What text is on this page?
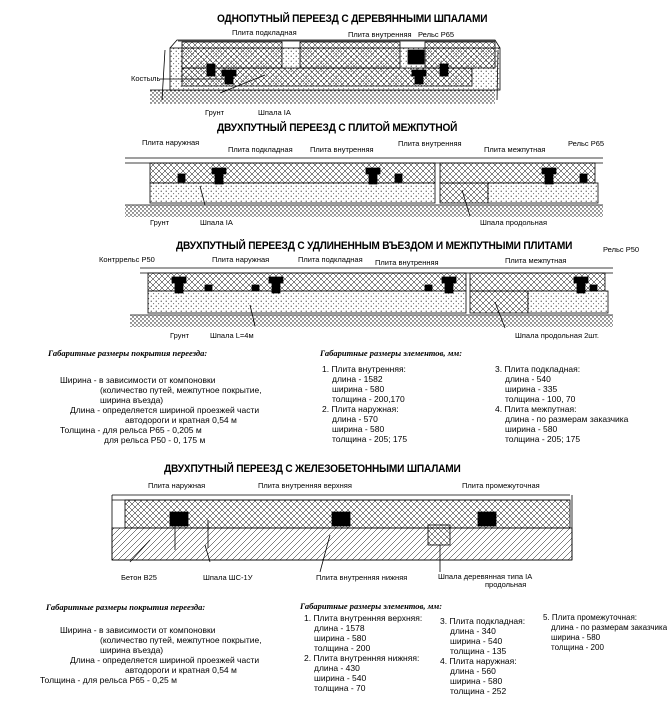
ОДНОПУТНЫЙ ПЕРЕЕЗД С ДЕРЕВЯННЫМИ ШПАЛАМИ
ДВУХПУТНЫЙ ПЕРЕЕЗД С ПЛИТОЙ МЕЖПУТНОЙ
ДВУХПУТНЫЙ ПЕРЕЕЗД С УДЛИНЕННЫМ ВЪЕЗДОМ И МЕЖПУТНЫМИ ПЛИТАМИ
ДВУХПУТНЫЙ ПЕРЕЕЗД С ЖЕЛЕЗОБЕТОННЫМИ ШПАЛАМИ
Плита подкладная	Плита внутренняя Рельс Р65
Костыль
Грунт	Шпала IA
Плита наружная
Плита подкладная Плита внутренняя
Плита внутренняя
Плита межпутная
Рельс Р65
Грунт	Шпала IA	Шпала продольная
Контррельс Р50	Плита наружная	Плита подкладная Плита внутренняя	Плита межпутная
Рельс Р50
Грунт	Шпала L=4м	Шпала продольная 2шт.
Габаритные размеры покрытия переезда:
Ширина - в зависимости от компоновки
(количество путей, межпутное покрытие,
ширина въезда)
Длина - определяется шириной проезжей части
автодороги и кратная 0,54 м
Толщина - для рельса Р65 - 0,205 м
для рельса Р50 - 0, 175 м
Габаритные размеры элементов, мм:
1. Плита внутренняя:
длина - 1582
ширина - 580
толщина - 200,170
2. Плита наружная:
длина - 570
ширина - 580
толщина - 205; 175
3. Плита подкладная:
длина - 540
ширина - 335
толщина - 100, 70
4. Плита межпутная:
длина - по размерам заказчика
ширина - 580
толщина - 205; 175
Плита наружная	Плита внутренняя верхняя	Плита промежуточная
Бетон В25	Шпала ШС-1У	Плита внутренняя нижняя	Шпала деревянная типа IA
продольная
Габаритные размеры покрытия переезда:
Ширина - в зависимости от компоновки
(количество путей, межпутное покрытие,
ширина въезда)
Длина - определяется шириной проезжей части
автодороги и кратная 0,54 м
Толщина - для рельса Р65 - 0,25 м
Габаритные размеры элементов, мм:
1. Плита внутренняя верхняя:
длина - 1578
ширина - 580
толщина - 200
2. Плита внутренняя нижняя:
длина - 430
ширина - 540
толщина - 70
3. Плита подкладная:
длина - 340
ширина - 540
толщина - 135
4. Плита наружная:
длина - 560
ширина - 580
толщина - 252
5. Плита промежуточная:
длина - по размерам заказчика
ширина - 580
толщина - 200
